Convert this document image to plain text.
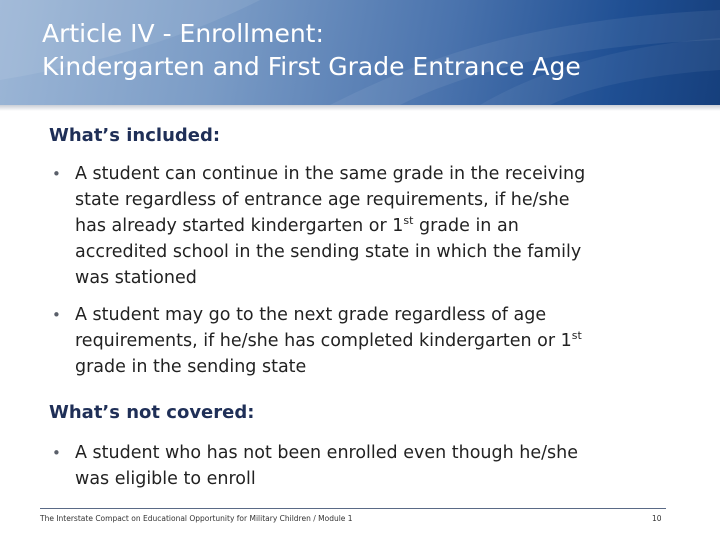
Article IV - Enrollment:
Kindergarten and First Grade Entrance Age
What’s included:
• A student can continue in the same grade in the receiving
state regardless of entrance age requirements, if he/she
has already started kindergarten or 1st grade in an
accredited school in the sending state in which the family
was stationed
• A student may go to the next grade regardless of age
requirements, if he/she has completed kindergarten or 1st
grade in the sending state
What’s not covered:
• A student who has not been enrolled even though he/she
was eligible to enroll
The Interstate Compact on Educational Opportunity for Military Children / Module 1	10
